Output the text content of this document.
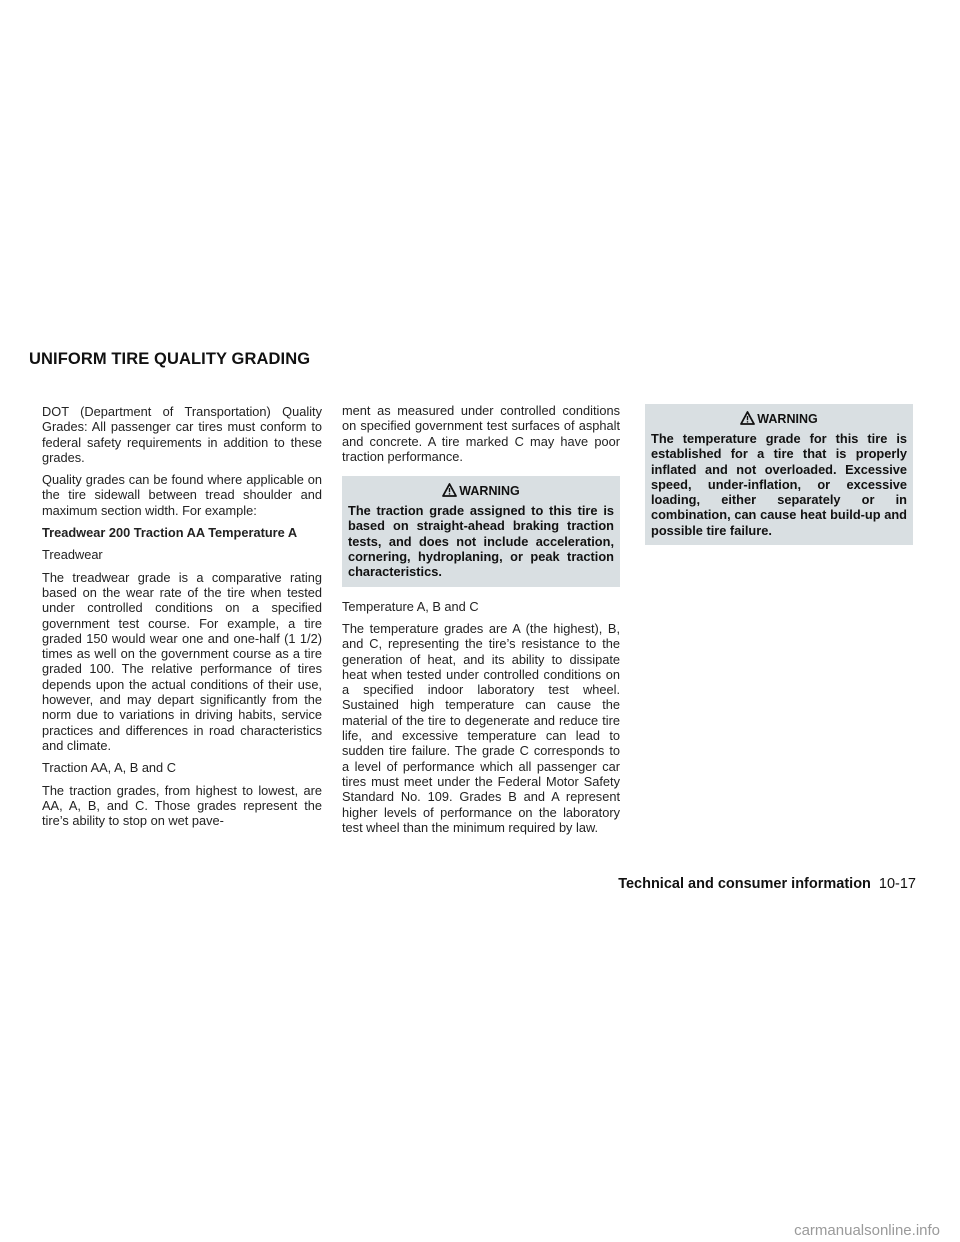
UNIFORM TIRE QUALITY GRADING

DOT (Department of Transportation) Quality Grades: All passenger car tires must conform to federal safety requirements in addition to these grades.

Quality grades can be found where applicable on the tire sidewall between tread shoulder and maximum section width. For example:

Treadwear 200 Traction AA Temperature A

Treadwear

The treadwear grade is a comparative rating based on the wear rate of the tire when tested under controlled conditions on a specified government test course. For example, a tire graded 150 would wear one and one-half (1 1/2) times as well on the government course as a tire graded 100. The relative performance of tires depends upon the actual conditions of their use, however, and may depart significantly from the norm due to variations in driving habits, service practices and differences in road characteristics and climate.

Traction AA, A, B and C

The traction grades, from highest to lowest, are AA, A, B, and C. Those grades represent the tire’s ability to stop on wet pave-

ment as measured under controlled conditions on specified government test surfaces of asphalt and concrete. A tire marked C may have poor traction performance.

WARNING
The traction grade assigned to this tire is based on straight-ahead braking traction tests, and does not include acceleration, cornering, hydroplaning, or peak traction characteristics.

Temperature A, B and C

The temperature grades are A (the highest), B, and C, representing the tire’s resistance to the generation of heat, and its ability to dissipate heat when tested under controlled conditions on a specified indoor laboratory test wheel. Sustained high temperature can cause the material of the tire to degenerate and reduce tire life, and excessive temperature can lead to sudden tire failure. The grade C corresponds to a level of performance which all passenger car tires must meet under the Federal Motor Safety Standard No. 109. Grades B and A represent higher levels of performance on the laboratory test wheel than the minimum required by law.

WARNING
The temperature grade for this tire is established for a tire that is properly inflated and not overloaded. Excessive speed, under-inflation, or excessive loading, either separately or in combination, can cause heat build-up and possible tire failure.
Technical and consumer information 10-17
carmanualsonline.info
